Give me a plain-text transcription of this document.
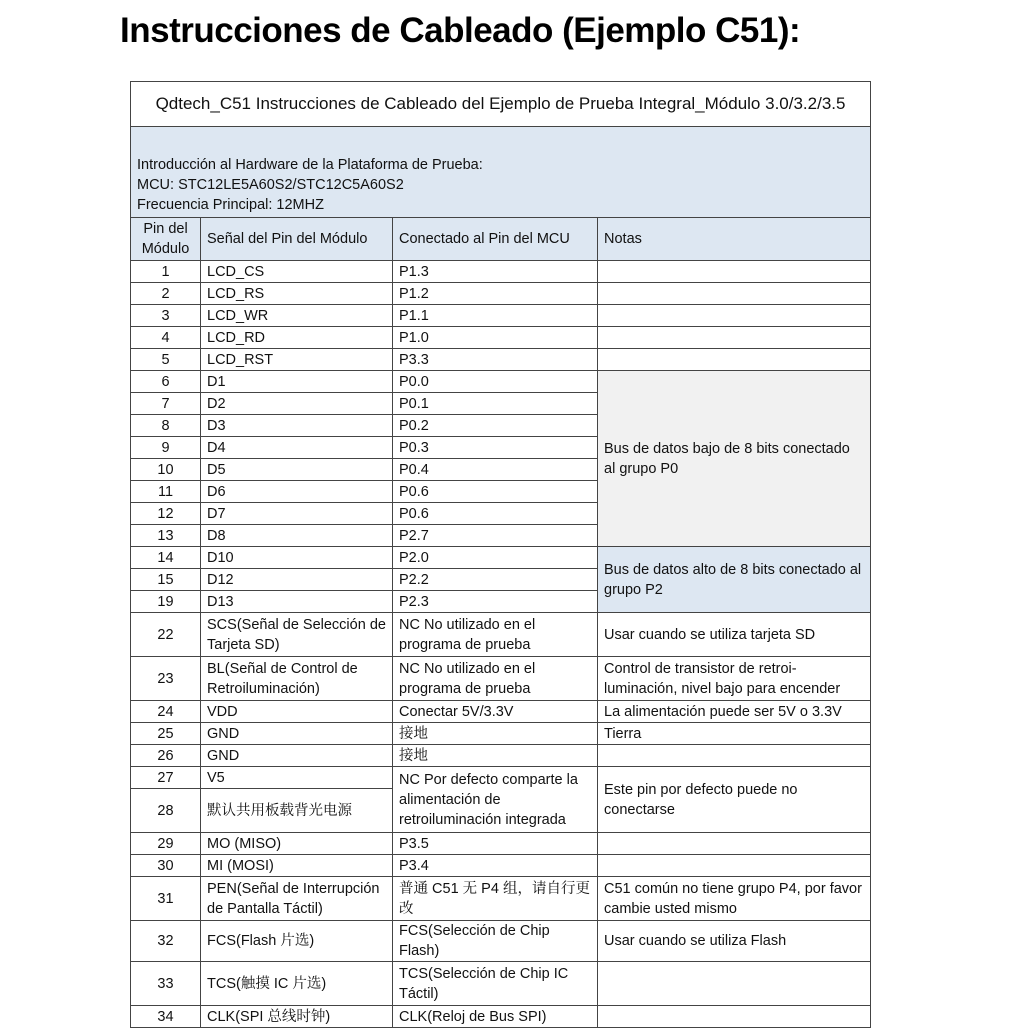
Instrucciones de Cableado (Ejemplo C51):
Qdtech_C51 Instrucciones de Cableado del Ejemplo de Prueba Integral_Módulo 3.0/3.2/3.5			

Introducción al Hardware de la Plataforma de Prueba:
MCU: STC12LE5A60S2/STC12C5A60S2
Frecuencia Principal: 12MHZ			

Pin del Módulo	Señal del Pin del Módulo	Conectado al Pin del MCU	Notas
1	LCD_CS	P1.3	
2	LCD_RS	P1.2	
3	LCD_WR	P1.1	
4	LCD_RD	P1.0	
5	LCD_RST	P3.3	
6	D1	P0.0	Bus de datos bajo de 8 bits conectado al grupo P0
7	D2	P0.1	
8	D3	P0.2	
9	D4	P0.3	
10	D5	P0.4	
11	D6	P0.6	
12	D7	P0.6	
13	D8	P2.7	
14	D10	P2.0	Bus de datos alto de 8 bits conectado al grupo P2
15	D12	P2.2	
19	D13	P2.3	
22	SCS(Señal de Selección de Tarjeta SD)	NC No utilizado en el programa de prueba	Usar cuando se utiliza tarjeta SD
23	BL(Señal de Control de Retroiluminación)	NC No utilizado en el programa de prueba	Control de transistor de retroi-luminación, nivel bajo para encender
24	VDD	Conectar 5V/3.3V	La alimentación puede ser 5V o 3.3V
25	GND	接地	Tierra
26	GND	接地	
27	V5	NC Por defecto comparte la alimentación de retroiluminación integrada	Este pin por defecto puede no conectarse
28	默认共用板载背光电源		
29	MO (MISO)	P3.5	
30	MI (MOSI)	P3.4	
31	PEN(Señal de Interrupción de Pantalla Táctil)	普通 C51 无 P4 组，请自行更改	C51 común no tiene grupo P4, por favor cambie usted mismo
32	FCS(Flash 片选)	FCS(Selección de Chip Flash)	Usar cuando se utiliza Flash
33	TCS(触摸 IC 片选)	TCS(Selección de Chip IC Táctil)	
34	CLK(SPI 总线时钟)	CLK(Reloj de Bus SPI)	
